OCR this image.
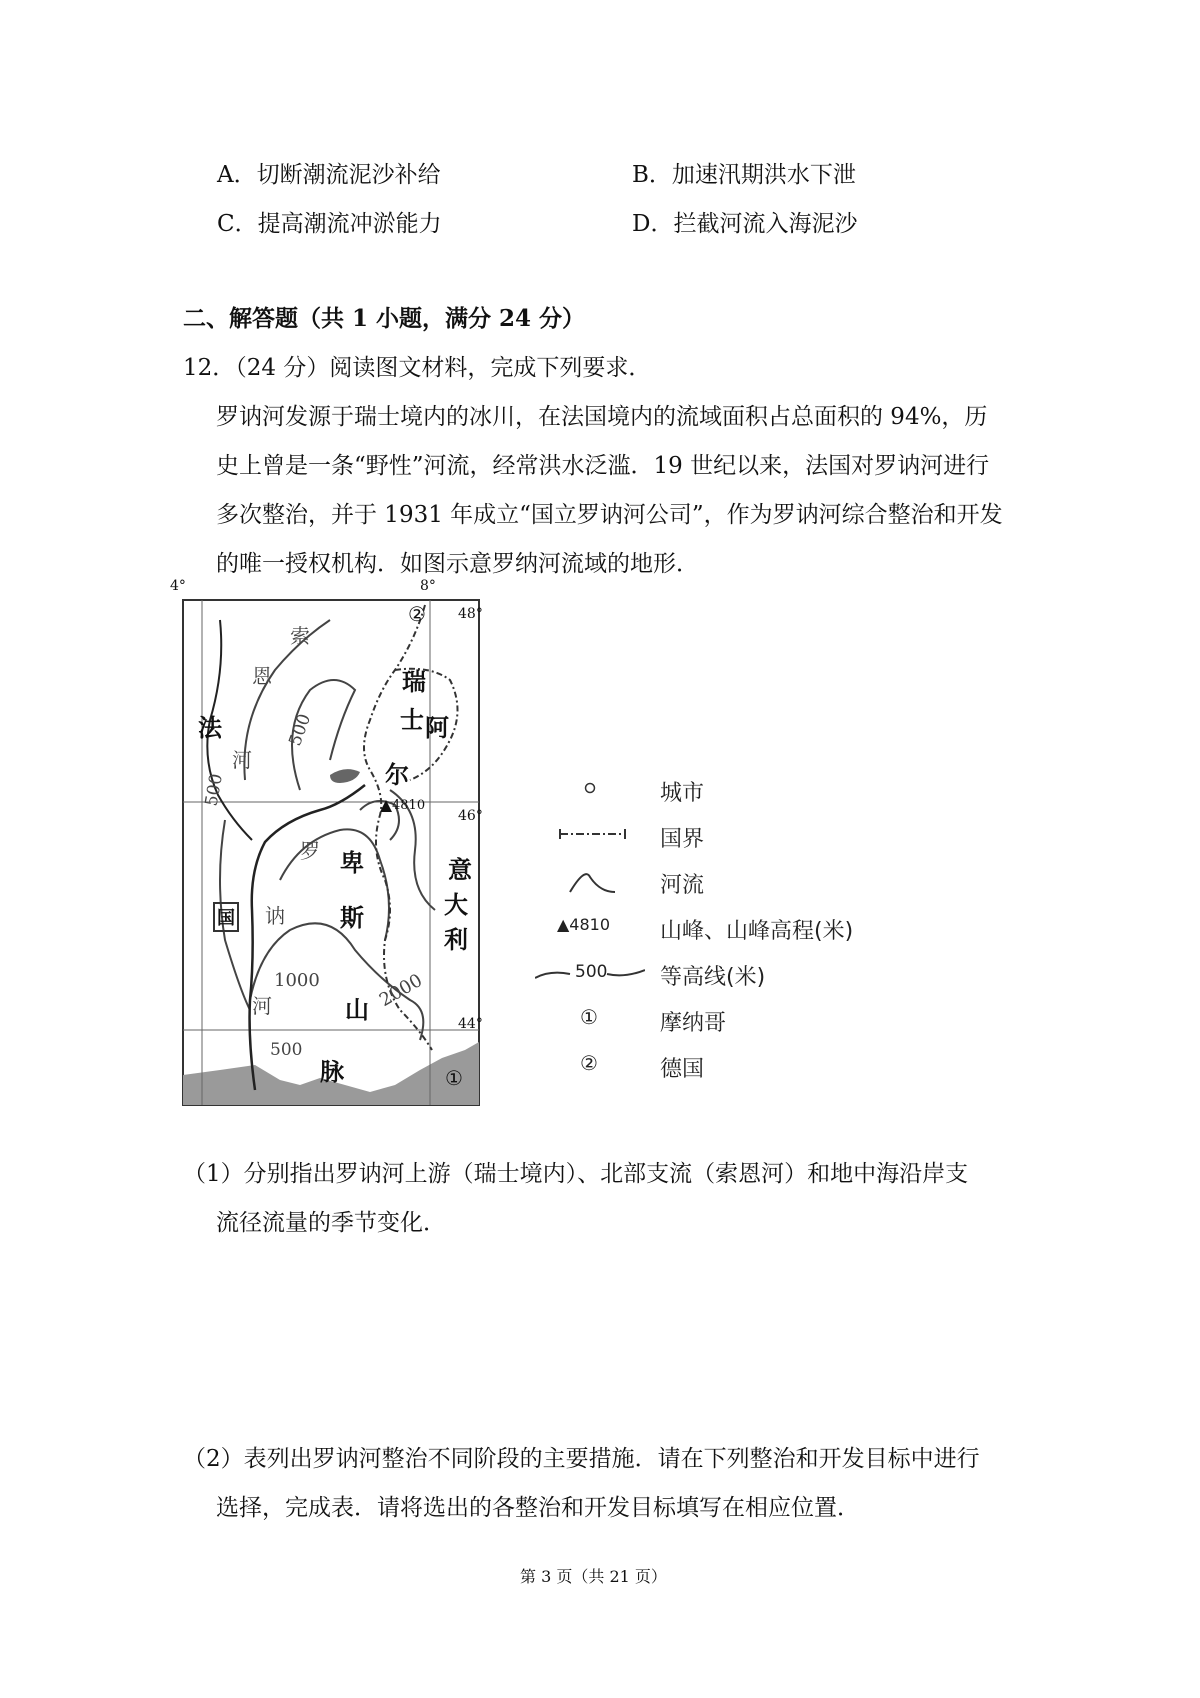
A．切断潮流泥沙补给	B．加速汛期洪水下泄
C．提高潮流冲淤能力	D．拦截河流入海泥沙
二、解答题（共 1 小题，满分 24 分）
12．（24 分）阅读图文材料，完成下列要求．
罗讷河发源于瑞士境内的冰川，在法国境内的流域面积占总面积的 94%，历
史上曾是一条“野性”河流，经常洪水泛滥．19 世纪以来，法国对罗讷河进行
多次整治，并于 1931 年成立“国立罗讷河公司”，作为罗讷河综合整治和开发
的唯一授权机构．如图示意罗纳河流域的地形．
4°	8°
48°
46°
44°
法
国
瑞
士
意
大
利
阿
尔
卑
斯
山
脉
索
恩
河
罗
讷
河
500
500
500
1000	2000
4810
①
②
城市
国界
河流
▲4810 山峰、山峰高程(米)
500 等高线(米)
①	摩纳哥
②	德国
（1）分别指出罗讷河上游（瑞士境内）、北部支流（索恩河）和地中海沿岸支
流径流量的季节变化．
（2）表列出罗讷河整治不同阶段的主要措施．请在下列整治和开发目标中进行
选择，完成表．请将选出的各整治和开发目标填写在相应位置．
第 3 页（共 21 页）
